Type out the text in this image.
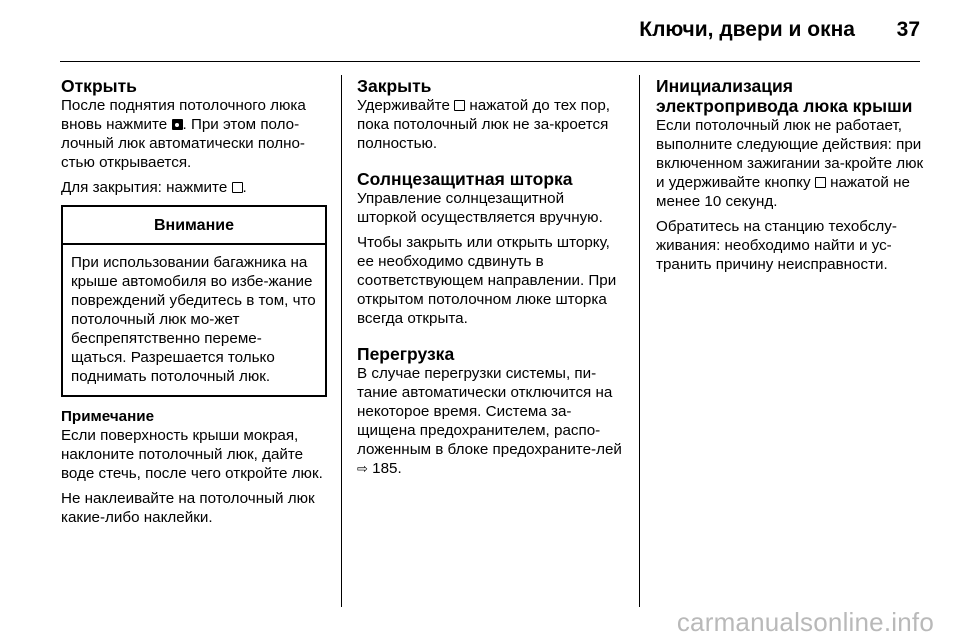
Ключи, двери и окна 37
Открыть

После поднятия потолочного люка вновь нажмите . При этом поло- лочный люк автоматически полно-стью открывается.

Для закрытия: нажмите .

Внимание
При использовании багажника на крыше автомобиля во избе-жание повреждений убедитесь в том, что потолочный люк мо-жет беспрепятственно переме-щаться. Разрешается только поднимать потолочный люк.
Примечание
Если поверхность крыши мокрая, наклоните потолочный люк, дайте воде стечь, после чего откройте люк.

Не наклеивайте на потолочный люк какие-либо наклейки.

Закрыть

Удерживайте нажатой до тех пор, пока потолочный люк не за-кроется полностью.

Солнцезащитная шторка

Управление солнцезащитной шторкой осуществляется вручную.

Чтобы закрыть или открыть шторку, ее необходимо сдвинуть в соответствующем направлении. При открытом потолочном люке шторка всегда открыта.

Перегрузка

В случае перегрузки системы, пи-тание автоматически отключится на некоторое время. Система за-щищена предохранителем, распо-ложенным в блоке предохраните-лей ⇨ 185.

Инициализация электропривода люка крыши

Если потолочный люк не работает, выполните следующие действия: при включенном зажигании за-кройте люк и удерживайте кнопку нажатой не менее 10 секунд.

Обратитесь на станцию техобслу-живания: необходимо найти и ус-транить причину неисправности.

carmanualsonline.info
